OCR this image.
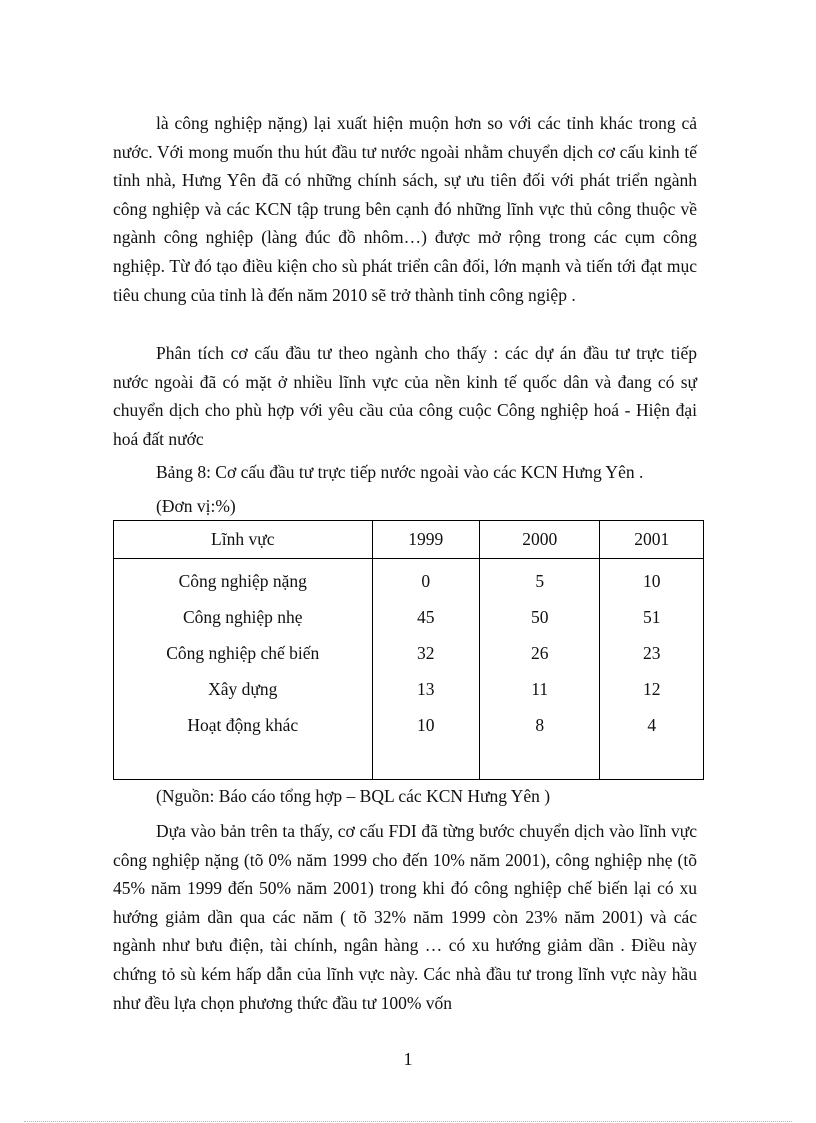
là công nghiệp nặng) lại xuất hiện muộn hơn so với các tỉnh khác trong cả nước. Với mong muốn thu hút đầu tư nước ngoài nhằm chuyển dịch cơ cấu kinh tế tỉnh nhà, Hưng Yên đã có những chính sách, sự ưu tiên đối với phát triển ngành công nghiệp và các KCN tập trung bên cạnh đó những lĩnh vực thủ công thuộc về ngành công nghiệp (làng đúc đồ nhôm…) được mở rộng trong các cụm công nghiệp. Từ đó tạo điều kiện cho sù phát triển cân đối, lớn mạnh và tiến tới đạt mục tiêu chung của tỉnh là đến năm 2010 sẽ trở thành tỉnh công ngiệp .

Phân tích cơ cấu đầu tư theo ngành cho thấy : các dự án đầu tư trực tiếp nước ngoài đã có mặt ở nhiều lĩnh vực của nền kinh tế quốc dân và đang có sự chuyển dịch cho phù hợp với yêu cầu của công cuộc Công nghiệp hoá - Hiện đại hoá đất nước

Bảng 8: Cơ cấu đầu tư trực tiếp nước ngoài vào các KCN Hưng Yên .

(Đơn vị:%)

Lĩnh vực	1999	2000	2001
Công nghiệp nặng	0	5	10
Công nghiệp nhẹ	45	50	51
Công nghiệp chế biến	32	26	23
Xây dựng	13	11	12
Hoạt động khác	10	8	4

(Nguồn: Báo cáo tổng hợp – BQL các KCN Hưng Yên )

Dựa vào bản trên ta thấy, cơ cấu FDI đã từng bước chuyển dịch vào lĩnh vực công nghiệp nặng (tõ 0% năm 1999 cho đến 10% năm 2001), công nghiệp nhẹ (tõ 45% năm 1999 đến 50% năm 2001) trong khi đó công nghiệp chế biến lại có xu hướng giảm dần qua các năm ( tõ 32% năm 1999 còn 23% năm 2001) và các ngành như bưu điện, tài chính, ngân hàng … có xu hướng giảm dần . Điều này chứng tỏ sù kém hấp dẫn của lĩnh vực này. Các nhà đầu tư trong lĩnh vực này hầu như đều lựa chọn phương thức đầu tư 100% vốn

1
